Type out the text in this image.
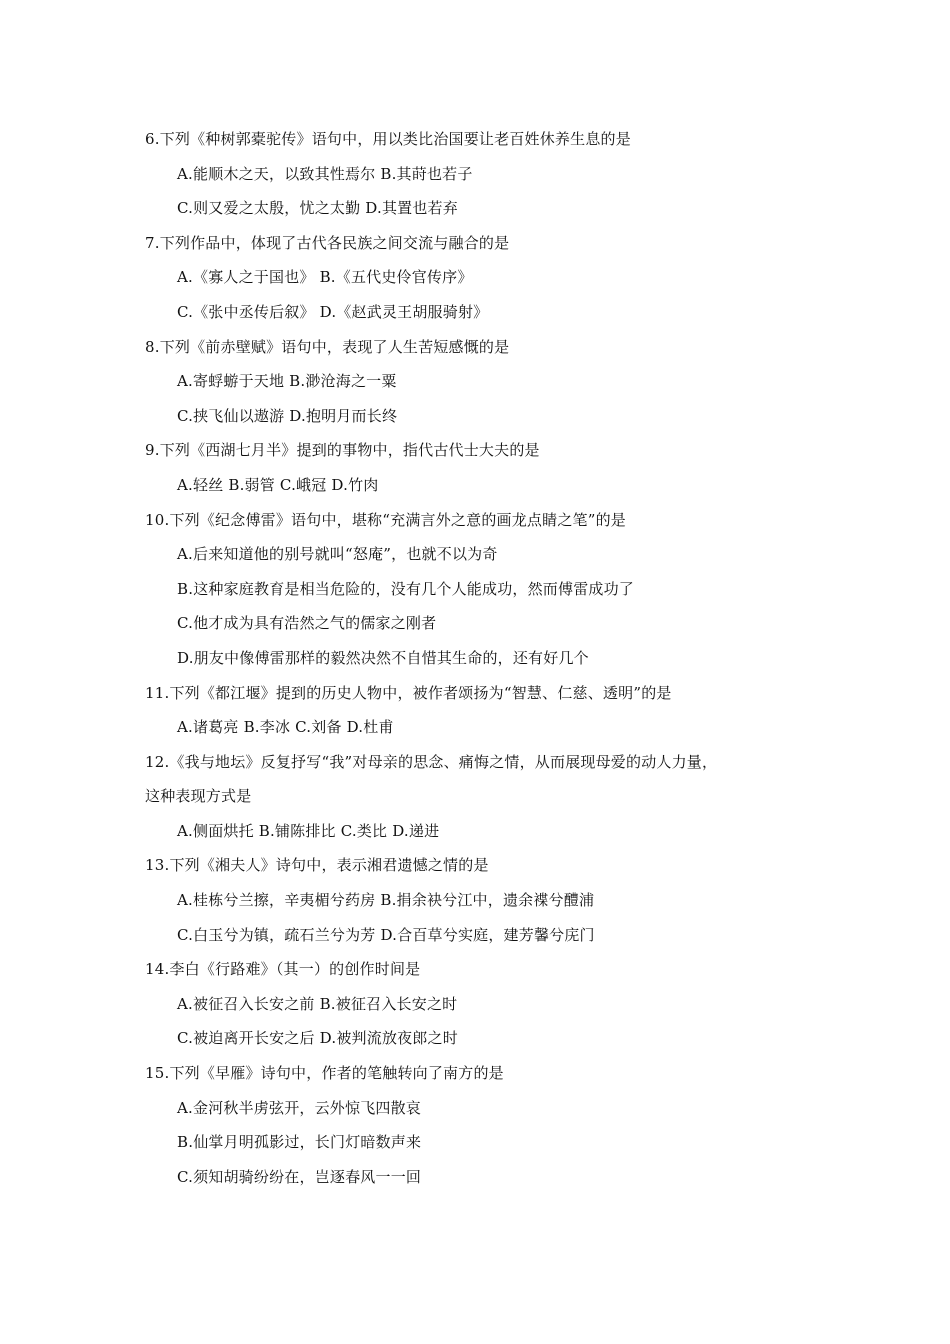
6.下列《种树郭橐驼传》语句中，用以类比治国要让老百姓休养生息的是
A.能顺木之天，以致其性焉尔 B.其莳也若子
C.则又爱之太殷，忧之太勤 D.其置也若弃
7.下列作品中，体现了古代各民族之间交流与融合的是
A.《寡人之于国也》 B.《五代史伶官传序》
C.《张中丞传后叙》 D.《赵武灵王胡服骑射》
8.下列《前赤壁赋》语句中，表现了人生苦短感慨的是
A.寄蜉蝣于天地 B.渺沧海之一粟
C.挟飞仙以遨游 D.抱明月而长终
9.下列《西湖七月半》提到的事物中，指代古代士大夫的是
A.轻丝 B.弱管 C.峨冠 D.竹肉
10.下列《纪念傅雷》语句中，堪称“充满言外之意的画龙点睛之笔”的是
A.后来知道他的别号就叫“怒庵”，也就不以为奇
B.这种家庭教育是相当危险的，没有几个人能成功，然而傅雷成功了
C.他才成为具有浩然之气的儒家之刚者
D.朋友中像傅雷那样的毅然决然不自惜其生命的，还有好几个
11.下列《都江堰》提到的历史人物中，被作者颂扬为“智慧、仁慈、透明”的是
A.诸葛亮 B.李冰 C.刘备 D.杜甫
12.《我与地坛》反复抒写“我”对母亲的思念、痛悔之情，从而展现母爱的动人力量，
这种表现方式是
A.侧面烘托 B.铺陈排比 C.类比 D.递进
13.下列《湘夫人》诗句中，表示湘君遗憾之情的是
A.桂栋兮兰擦，辛夷楣兮药房 B.捐余袂兮江中，遗余褋兮醴浦
C.白玉兮为镇，疏石兰兮为芳 D.合百草兮实庭，建芳馨兮庑门
14.李白《行路难》（其一）的创作时间是
A.被征召入长安之前 B.被征召入长安之时
C.被迫离开长安之后 D.被判流放夜郎之时
15.下列《早雁》诗句中，作者的笔触转向了南方的是
A.金河秋半虏弦开，云外惊飞四散哀
B.仙掌月明孤影过，长门灯暗数声来
C.须知胡骑纷纷在，岂逐春风一一回
